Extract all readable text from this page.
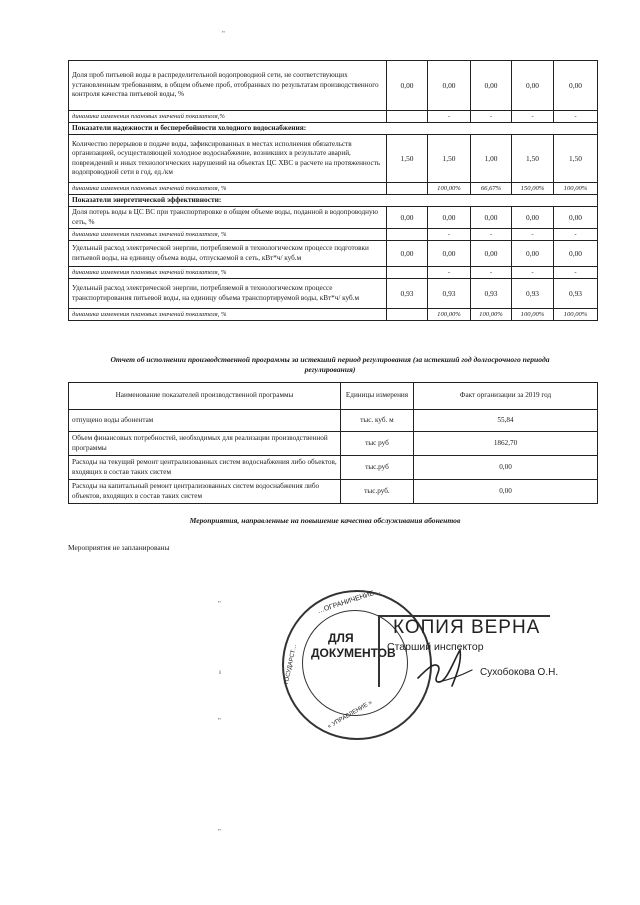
"
Доля проб питьевой воды в распределительной водопроводной сети, не соответствующих установленным требованиям, в общем объеме проб, отобранных по результатам производственного контроля качества питьевой воды, %	0,00	0,00	0,00	0,00	0,00
динамика изменения плановых значений показателя,%		-	-	-	-
Показатели надежности и бесперебойности холодного водоснабжения:					
Количество перерывов в подаче воды, зафиксированных в местах исполнения обязательств организацией, осуществляющей холодное водоснабжение, возникших в результате аварий, повреждений и иных технологических нарушений на объектах ЦС ХВС в расчете на протяженность водопроводной сети в год, ед./км	1,50	1,50	1,00	1,50	1,50
динамика изменения плановых значений показателя, %		100,00%	66,67%	150,00%	100,00%
Показатели энергетической эффективности:					
Доля потерь воды в ЦС ВС при транспортировке в общем объеме воды, поданной в водопроводную сеть, %	0,00	0,00	0,00	0,00	0,00
динамика изменения плановых значений показателя, %		-	-	-	-
Удельный расход электрической энергии, потребляемой в технологическом процессе подготовки питьевой воды, на единицу объема воды, отпускаемой в сеть, кВт*ч/ куб.м	0,00	0,00	0,00	0,00	0,00
динамика изменения плановых значений показателя, %		-	-	-	-
Удельный расход электрической энергии, потребляемой в технологическом процессе транспортирования питьевой воды, на единицу объема транспортируемой воды, кВт*ч/ куб.м	0,93	0,93	0,93	0,93	0,93
динамика изменения плановых значений показателя, %		100,00%	100,00%	100,00%	100,00%
Отчет об исполнении производственной программы за истекший период регулирования (за истекший год долгосрочного периода регулирования)
Наименование показателей производственной программы	Единицы измерения	Факт организации за 2019 год
отпущено воды абонентам	тыс. куб. м	55,84
Объем финансовых потребностей, необходимых для реализации производственной программы	тыс руб	1862,70
Расходы на текущий ремонт централизованных систем водоснабжения либо объектов, входящих в состав таких систем	тыс.руб	0,00
Расходы на капитальный ремонт централизованных систем водоснабжения либо объектов, входящих в состав таких систем	тыс.руб.	0,00
Мероприятия, направленные на повышение качества обслуживания абонентов
Мероприятия не запланированы
"
ı
"
"
…ОГРАНИЧЕНИЕ…
ГОСУДАРСТ…
« УПРАВЛЕНИЕ »
ДЛЯ
ДОКУМЕНТОВ
КОПИЯ ВЕРНА
Старший инспектор
Сухобокова О.Н.
